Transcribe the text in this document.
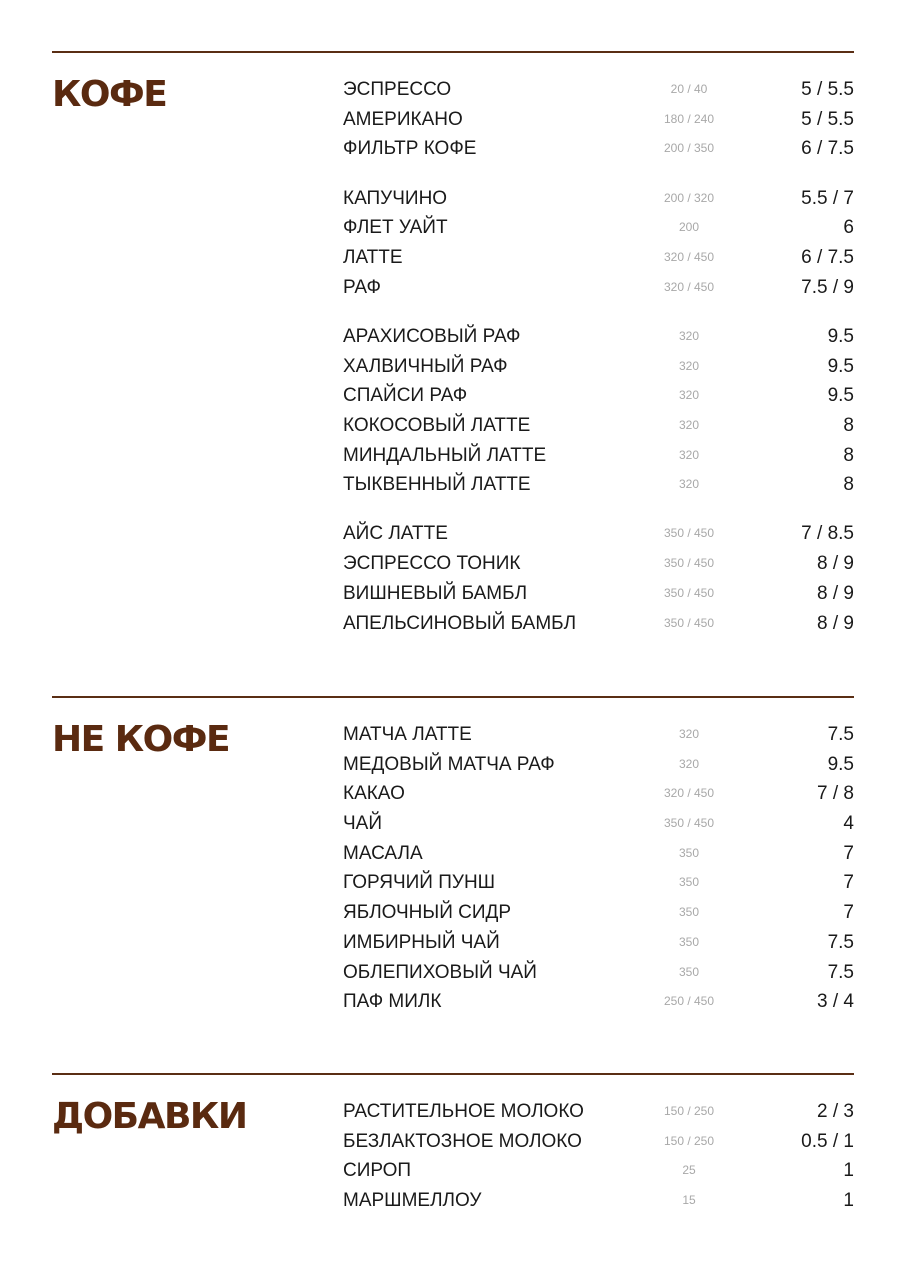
КОФЕ	ЭСПРЕССО	20 / 40	5 / 5.5
АМЕРИКАНО	180 / 240	5 / 5.5
ФИЛЬТР КОФЕ	200 / 350	6 / 7.5
КАПУЧИНО	200 / 320	5.5 / 7
ФЛЕТ УАЙТ	200	6
ЛАТТЕ	320 / 450	6 / 7.5
РАФ	320 / 450	7.5 / 9
АРАХИСОВЫЙ РАФ	320	9.5
ХАЛВИЧНЫЙ РАФ	320	9.5
СПАЙСИ РАФ	320	9.5
КОКОСОВЫЙ ЛАТТЕ	320	8
МИНДАЛЬНЫЙ ЛАТТЕ	320	8
ТЫКВЕННЫЙ ЛАТТЕ	320	8
АЙС ЛАТТЕ	350 / 450	7 / 8.5
ЭСПРЕССО ТОНИК	350 / 450	8 / 9
ВИШНЕВЫЙ БАМБЛ	350 / 450	8 / 9
АПЕЛЬСИНОВЫЙ БАМБЛ	350 / 450	8 / 9
НЕ КОФЕ	МАТЧА ЛАТТЕ	320	7.5
МЕДОВЫЙ МАТЧА РАФ	320	9.5
КАКАО	320 / 450	7 / 8
ЧАЙ	350 / 450	4
МАСАЛА	350	7
ГОРЯЧИЙ ПУНШ	350	7
ЯБЛОЧНЫЙ СИДР	350	7
ИМБИРНЫЙ ЧАЙ	350	7.5
ОБЛЕПИХОВЫЙ ЧАЙ	350	7.5
ПАФ МИЛК	250 / 450	3 / 4
ДОБАВКИ	РАСТИТЕЛЬНОЕ МОЛОКО	150 / 250	2 / 3
БЕЗЛАКТОЗНОЕ МОЛОКО	150 / 250	0.5 / 1
СИРОП	25	1
МАРШМЕЛЛОУ	15	1
